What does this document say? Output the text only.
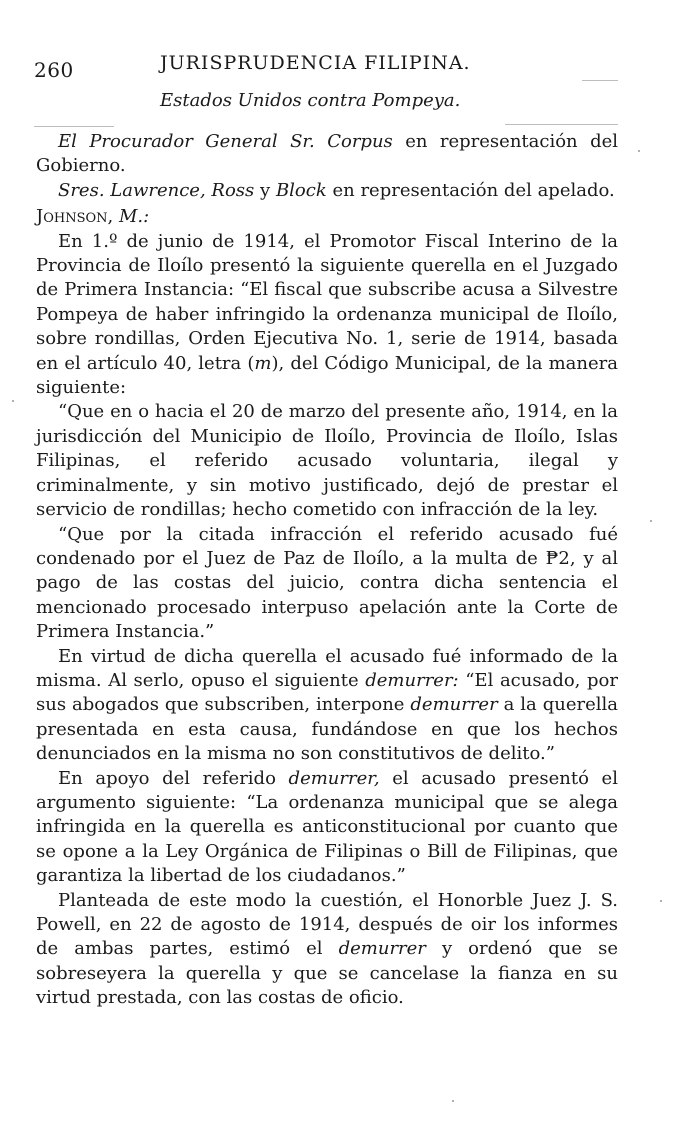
260	JURISPRUDENCIA FILIPINA.
Estados Unidos contra Pompeya.

El Procurador General Sr. Corpus en representación del Gobierno.

Sres. Lawrence, Ross y Block en representación del apelado.

Johnson, M.:

En 1.º de junio de 1914, el Promotor Fiscal Interino de la Provincia de Iloílo presentó la siguiente querella en el Juzgado de Primera Instancia: “El fiscal que subscribe acusa a Silvestre Pompeya de haber infringido la ordenanza municipal de Iloílo, sobre rondillas, Orden Ejecutiva No. 1, serie de 1914, basada en el artículo 40, letra (m), del Código Municipal, de la manera siguiente:

“Que en o hacia el 20 de marzo del presente año, 1914, en la jurisdicción del Municipio de Iloílo, Provincia de Iloílo, Islas Filipinas, el referido acusado voluntaria, ilegal y criminalmente, y sin motivo justificado, dejó de prestar el servicio de rondillas; hecho cometido con infracción de la ley.

“Que por la citada infracción el referido acusado fué condenado por el Juez de Paz de Iloílo, a la multa de ₱2, y al pago de las costas del juicio, contra dicha sentencia el mencionado procesado interpuso apelación ante la Corte de Primera Instancia.”

En virtud de dicha querella el acusado fué informado de la misma. Al serlo, opuso el siguiente demurrer: “El acusado, por sus abogados que subscriben, interpone demurrer a la querella presentada en esta causa, fundándose en que los hechos denunciados en la misma no son constitutivos de delito.”

En apoyo del referido demurrer, el acusado presentó el argumento siguiente: “La ordenanza municipal que se alega infringida en la querella es anticonstitucional por cuanto que se opone a la Ley Orgánica de Filipinas o Bill de Filipinas, que garantiza la libertad de los ciudadanos.”

Planteada de este modo la cuestión, el Honorble Juez J. S. Powell, en 22 de agosto de 1914, después de oir los informes de ambas partes, estimó el demurrer y ordenó que se sobreseyera la querella y que se cancelase la fianza en su virtud prestada, con las costas de oficio.
